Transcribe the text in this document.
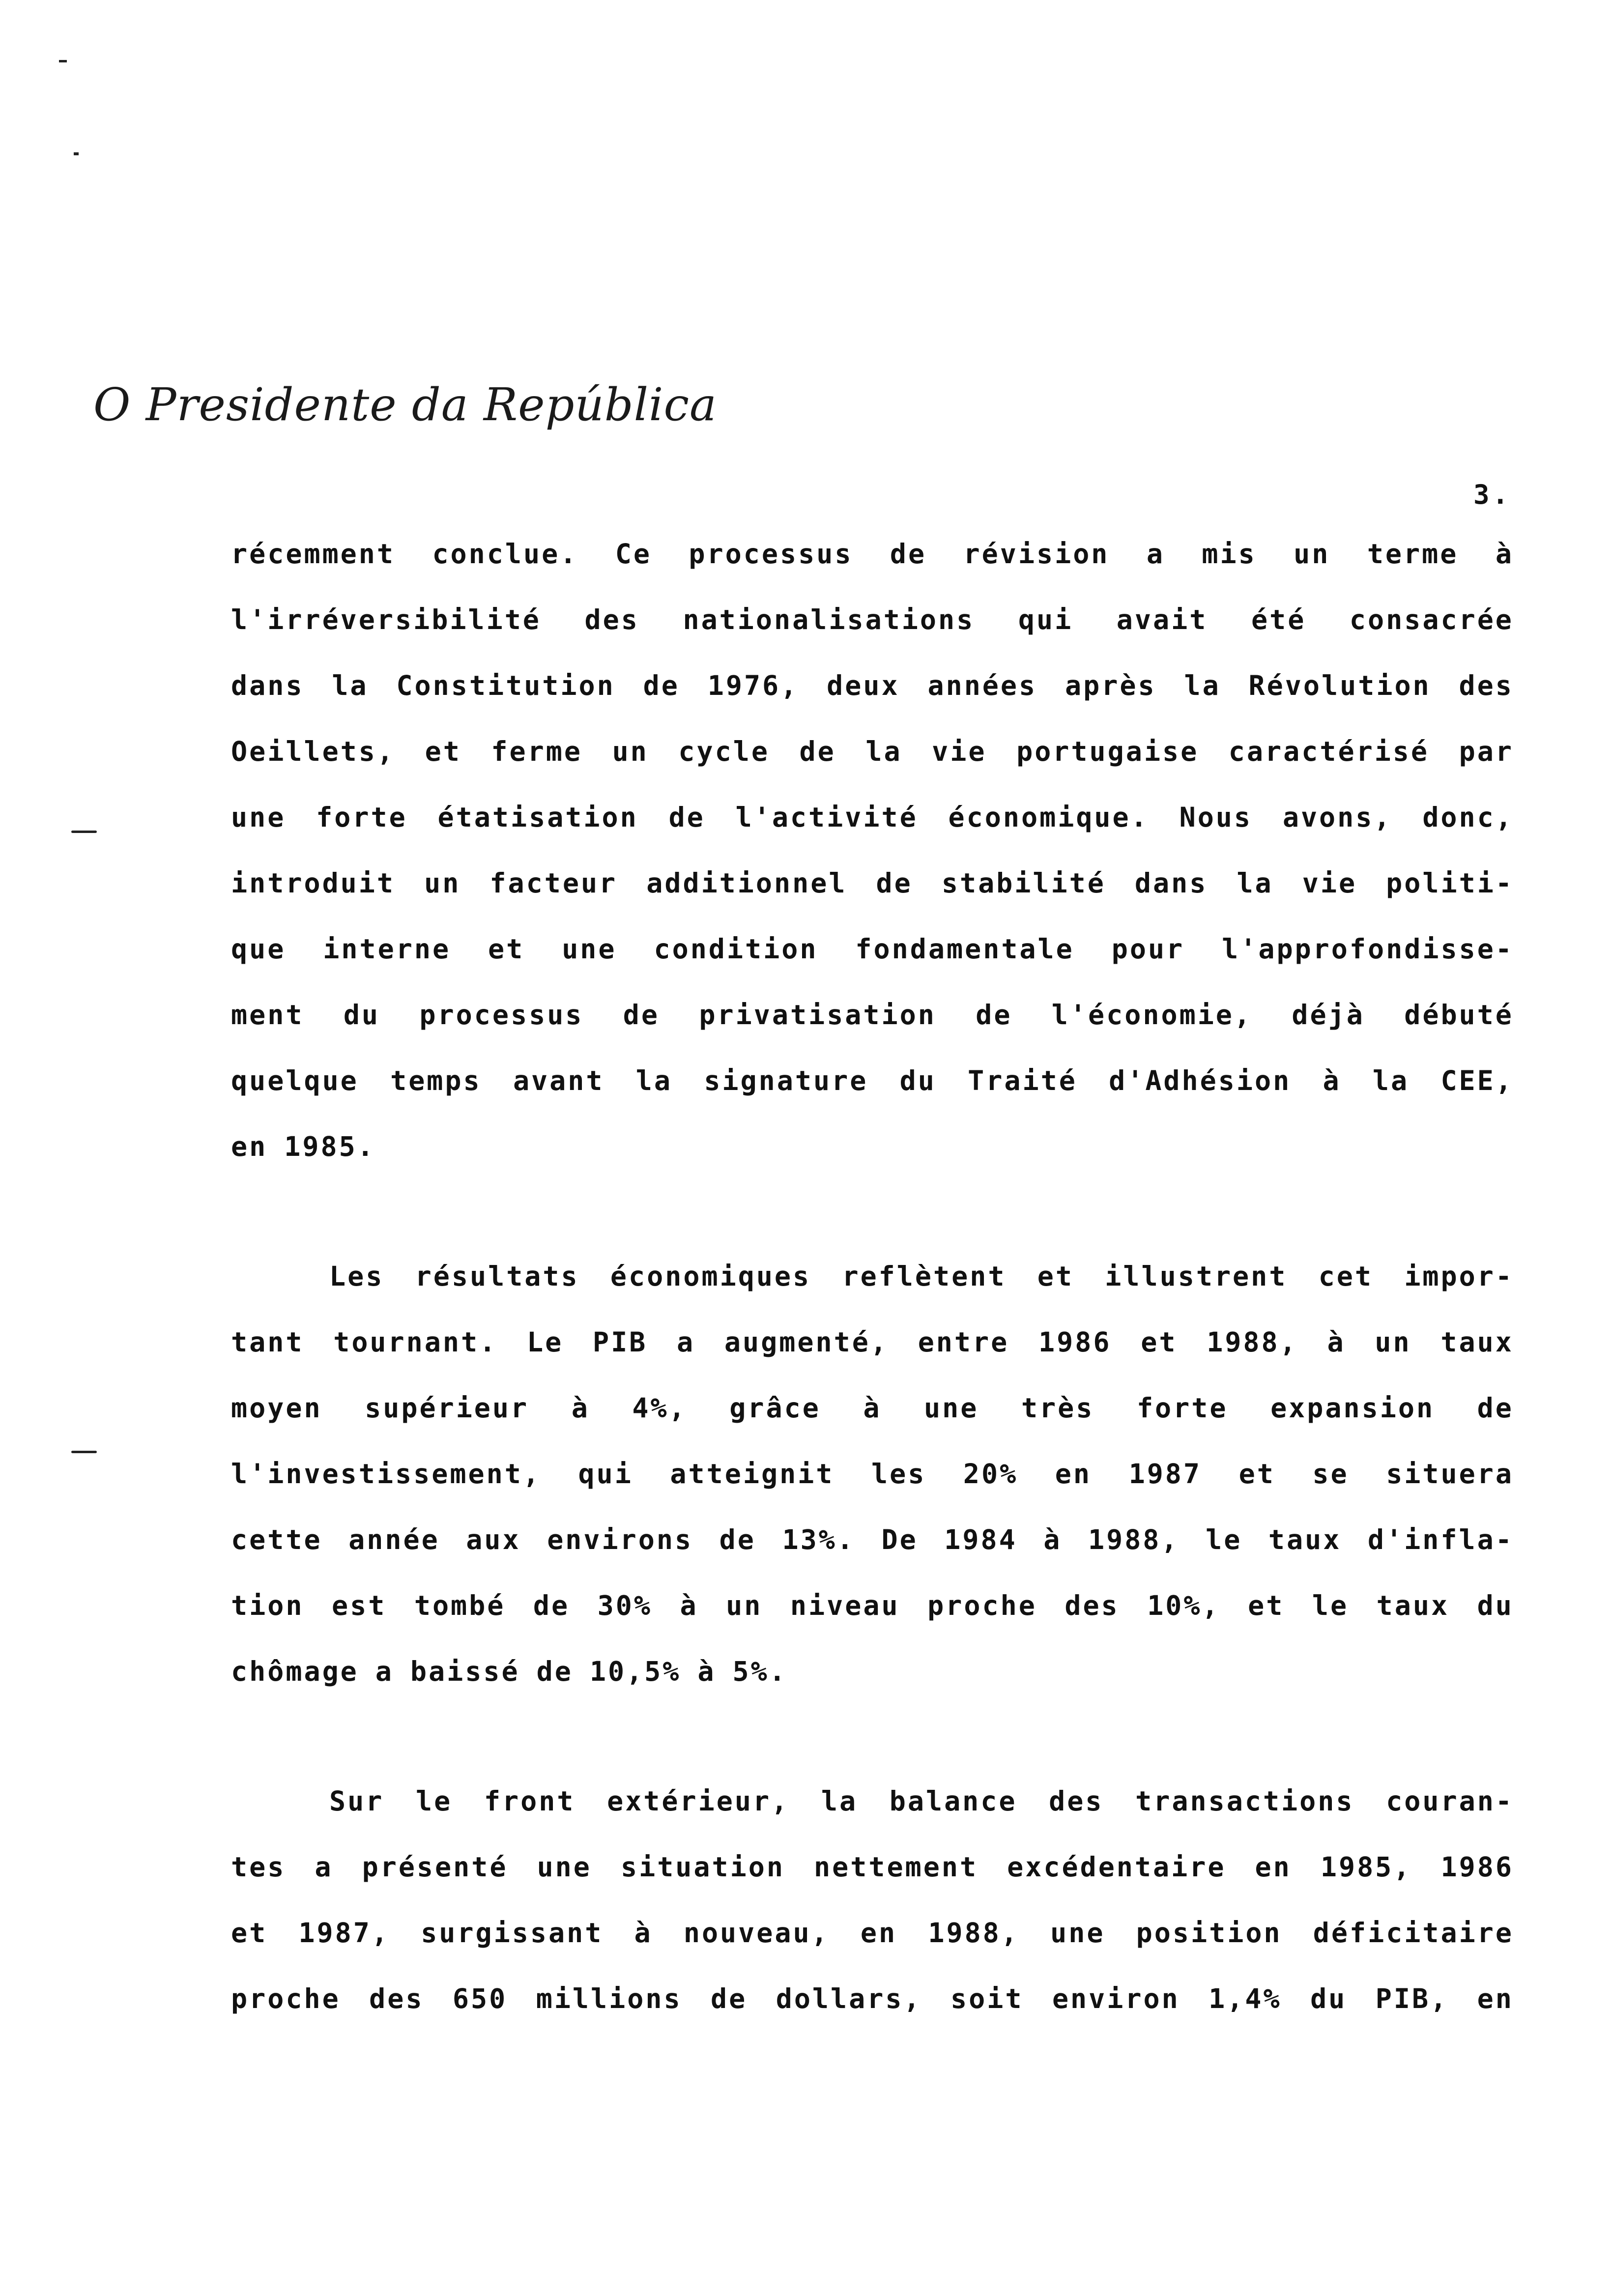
O Presidente da República
3.
récemment conclue. Ce processus de révision a mis un terme à
l'irréversibilité des nationalisations qui avait été consacrée
dans la Constitution de 1976, deux années après la Révolution des
Oeillets, et ferme un cycle de la vie portugaise caractérisé par
une forte étatisation de l'activité économique. Nous avons, donc,
introduit un facteur additionnel de stabilité dans la vie politi-
que interne et une condition fondamentale pour l'approfondisse-
ment du processus de privatisation de l'économie, déjà débuté
quelque temps avant la signature du Traité d'Adhésion à la CEE,
en 1985.
Les résultats économiques reflètent et illustrent cet impor-
tant tournant. Le PIB a augmenté, entre 1986 et 1988, à un taux
moyen supérieur à 4%, grâce à une très forte expansion de
l'investissement, qui atteignit les 20% en 1987 et se situera
cette année aux environs de 13%. De 1984 à 1988, le taux d'infla-
tion est tombé de 30% à un niveau proche des 10%, et le taux du
chômage a baissé de 10,5% à 5%.
Sur le front extérieur, la balance des transactions couran-
tes a présenté une situation nettement excédentaire en 1985, 1986
et 1987, surgissant à nouveau, en 1988, une position déficitaire
proche des 650 millions de dollars, soit environ 1,4% du PIB, en
